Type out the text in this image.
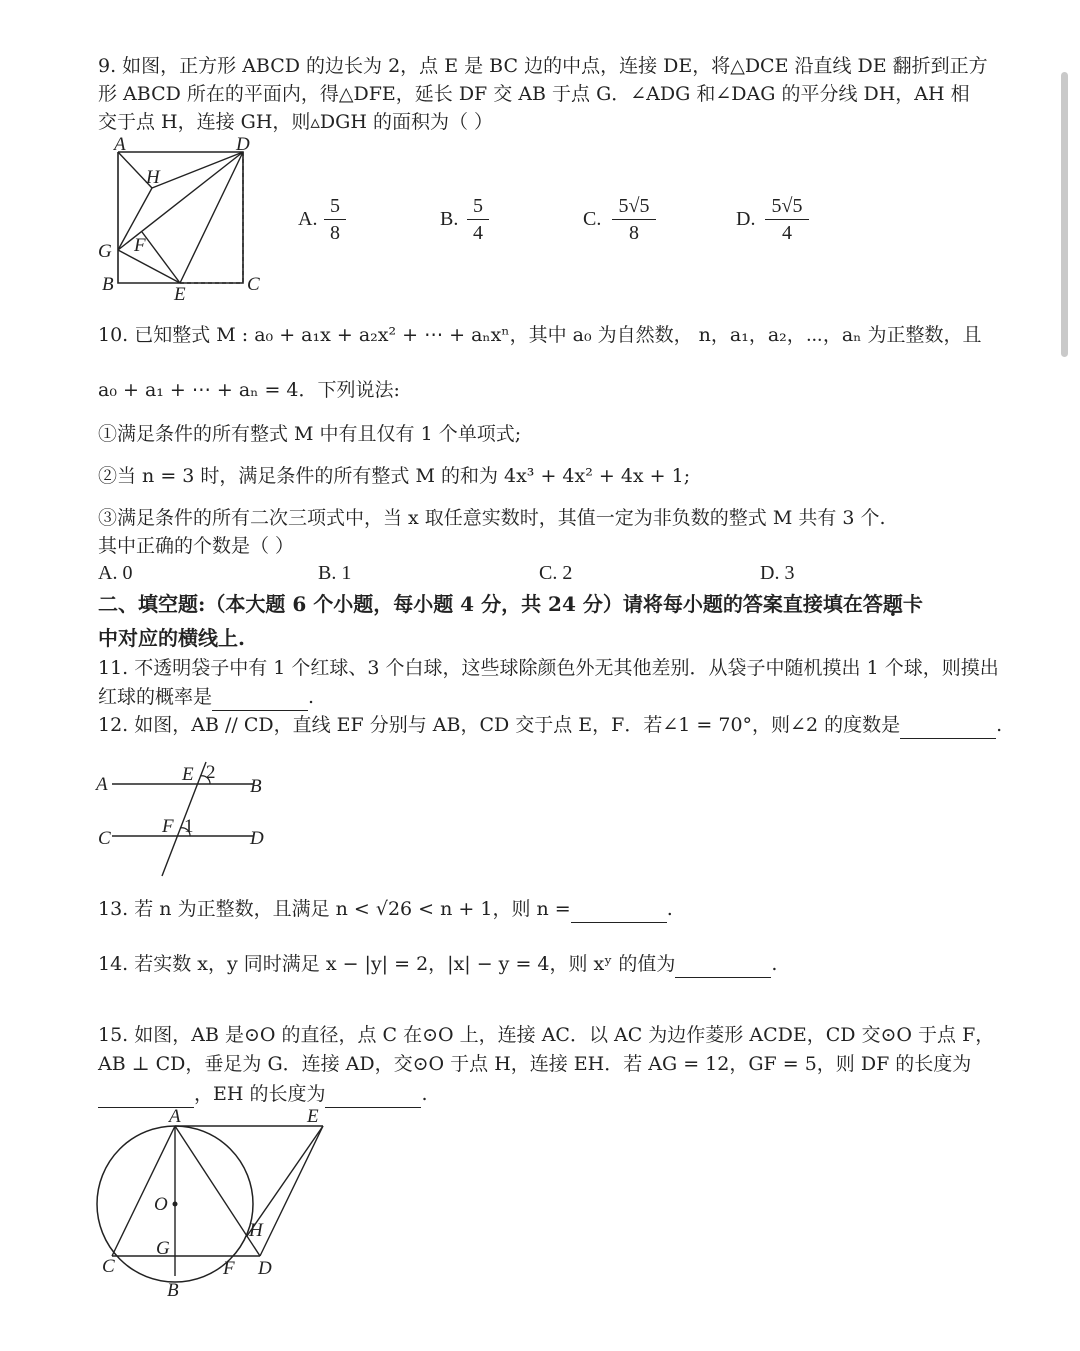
9. 如图，正方形 ABCD 的边长为 2，点 E 是 BC 边的中点，连接 DE，将△DCE 沿直线 DE 翻折到正方
形 ABCD 所在的平面内，得△DFE，延长 DF 交 AB 于点 G．∠ADG 和∠DAG 的平分线 DH，AH 相
交于点 H，连接 GH，则▵DGH 的面积为（ ）
A	D
H
G F
B	E	C
A.
5
8
B.
5
4
C.
5√5
8
D.
5√5
4
10. 已知整式 M : a₀ + a₁x + a₂x² + ⋯ + aₙxⁿ，其中 a₀ 为自然数， n，a₁，a₂，⋯，aₙ 为正整数，且
a₀ + a₁ + ⋯ + aₙ = 4．下列说法:
①满足条件的所有整式 M 中有且仅有 1 个单项式;
②当 n = 3 时，满足条件的所有整式 M 的和为 4x³ + 4x² + 4x + 1;
③满足条件的所有二次三项式中，当 x 取任意实数时，其值一定为非负数的整式 M 共有 3 个.
其中正确的个数是（ ）
A. 0	B. 1	C. 2	D. 3
二、填空题:（本大题 6 个小题，每小题 4 分，共 24 分）请将每小题的答案直接填在答题卡
中对应的横线上.
11. 不透明袋子中有 1 个红球、3 个白球，这些球除颜色外无其他差别．从袋子中随机摸出 1 个球，则摸出
红球的概率是	.
12. 如图，AB // CD，直线 EF 分别与 AB，CD 交于点 E，F．若∠1 = 70°，则∠2 的度数是	.
A	E 2
B
C
F 1
D
13. 若 n 为正整数，且满足 n < √26 < n + 1，则 n =	.
14. 若实数 x，y 同时满足 x − |y| = 2，|x| − y = 4，则 xʸ 的值为	.
15. 如图，AB 是⊙O 的直径，点 C 在⊙O 上，连接 AC．以 AC 为边作菱形 ACDE，CD 交⊙O 于点 F，
AB ⊥ CD，垂足为 G．连接 AD，交⊙O 于点 H，连接 EH．若 AG = 12，GF = 5，则 DF 的长度为
，EH 的长度为	.
A	E
O
H
G
C	F D
B
